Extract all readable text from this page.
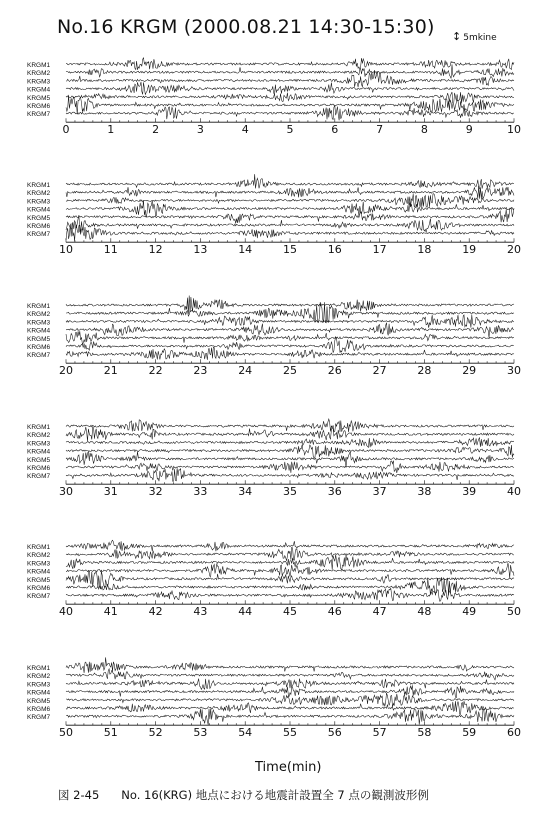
No.16 KRGM (2000.08.21 14:30-15:30) ↕ 5mkine
KRGM1
KRGM2
KRGM3
KRGM4
KRGM5
KRGM6
KRGM7
0	1	2	3	4	5	6	7	8	9	10
KRGM1
KRGM2
KRGM3
KRGM4
KRGM5
KRGM6
KRGM7
10	11	12	13	14	15	16	17	18	19	20
KRGM1
KRGM2
KRGM3
KRGM4
KRGM5
KRGM6
KRGM7
20	21	22	23	24	25	26	27	28	29	30
KRGM1
KRGM2
KRGM3
KRGM4
KRGM5
KRGM6
KRGM7
30	31	32	33	34	35	36	37	38	39	40
KRGM1
KRGM2
KRGM3
KRGM4
KRGM5
KRGM6
KRGM7
40	41	42	43	44	45	46	47	48	49	50
KRGM1
KRGM2
KRGM3
KRGM4
KRGM5
KRGM6
KRGM7
50	51	52	53	54	55	56	57	58	59	60
Time(min)
図 2-45 No. 16(KRG) 地点における地震計設置全 7 点の観測波形例
